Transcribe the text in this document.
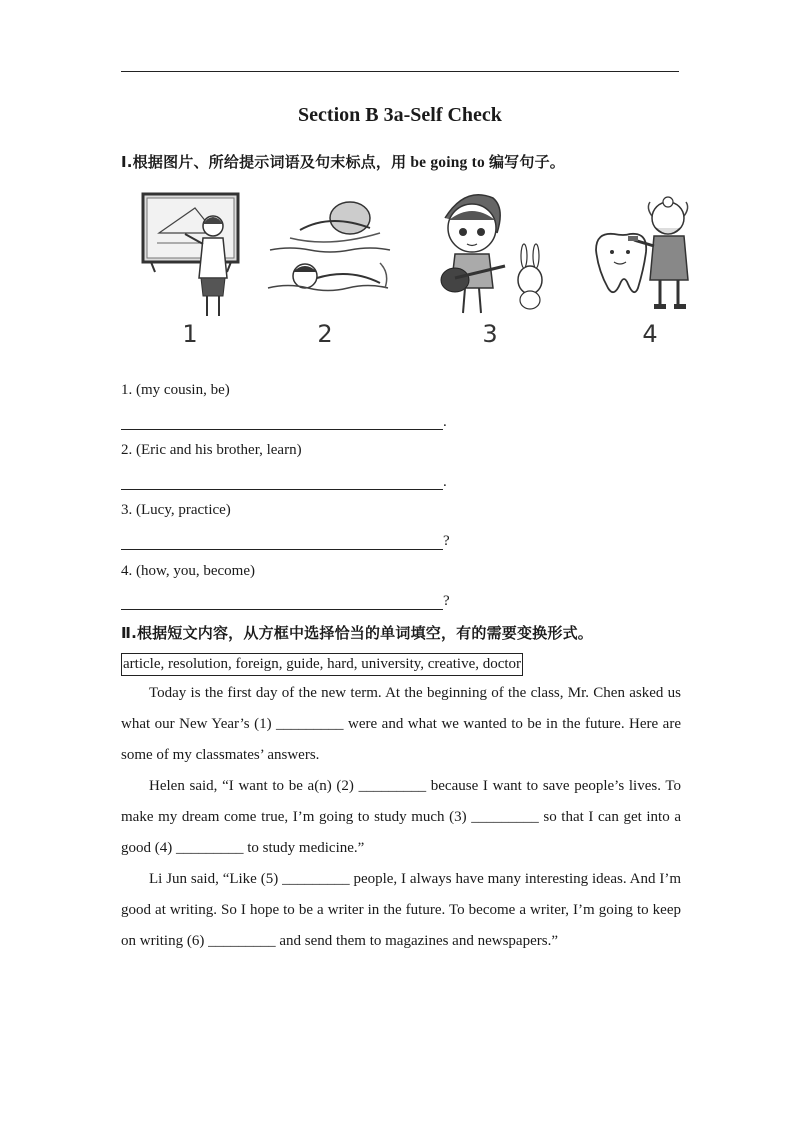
Section B 3a-Self Check
Ⅰ.根据图片、所给提示词语及句末标点，用 be going to 编写句子。
1	2	3	4
1. (my cousin, be)
.
2. (Eric and his brother, learn)
.
3. (Lucy, practice)
?
4. (how, you, become)
?
Ⅱ.根据短文内容，从方框中选择恰当的单词填空，有的需要变换形式。
article, resolution, foreign, guide, hard, university, creative, doctor

Today is the first day of the new term. At the beginning of the class, Mr. Chen asked us what our New Year’s (1) _________ were and what we wanted to be in the future. Here are some of my classmates’ answers.

Helen said, “I want to be a(n) (2) _________ because I want to save people’s lives. To make my dream come true, I’m going to study much (3) _________ so that I can get into a good (4) _________ to study medicine.”

Li Jun said, “Like (5) _________ people, I always have many interesting ideas. And I’m good at writing. So I hope to be a writer in the future. To become a writer, I’m going to keep on writing (6) _________ and send them to magazines and newspapers.”
